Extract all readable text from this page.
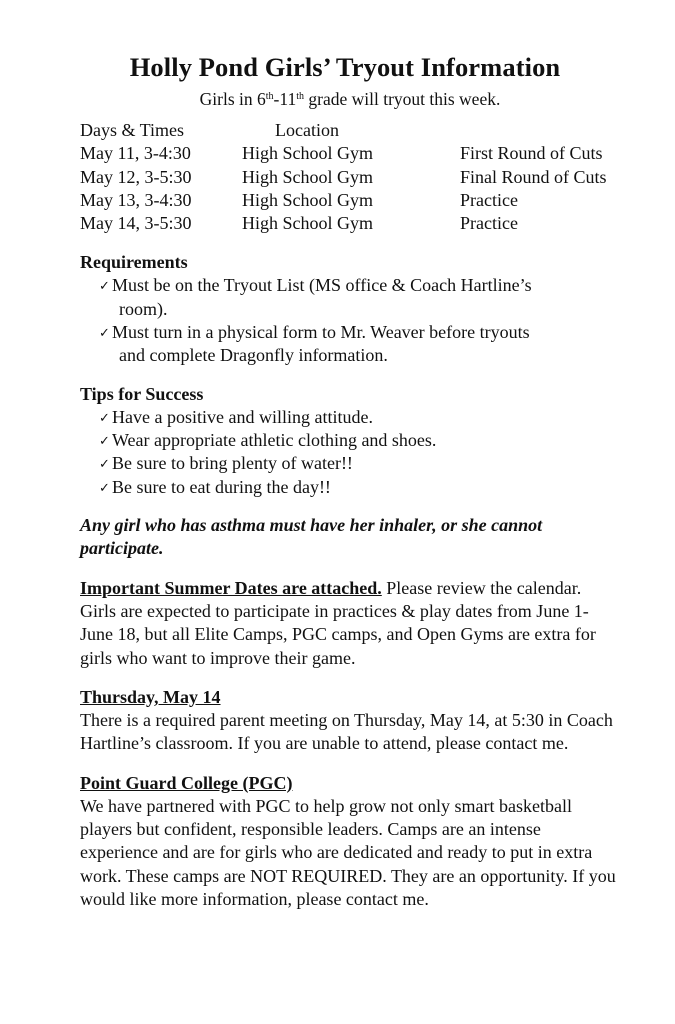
Holly Pond Girls’ Tryout Information
Girls in 6th-11th grade will tryout this week.
Days & Times	Location	
May 11, 3-4:30	High School Gym	First Round of Cuts
May 12, 3-5:30	High School Gym	Final Round of Cuts
May 13, 3-4:30	High School Gym	Practice
May 14, 3-5:30	High School Gym	Practice
Requirements
✓ Must be on the Tryout List (MS office & Coach Hartline’s
room).
✓ Must turn in a physical form to Mr. Weaver before tryouts
and complete Dragonfly information.
Tips for Success
✓ Have a positive and willing attitude.
✓ Wear appropriate athletic clothing and shoes.
✓ Be sure to bring plenty of water!!
✓ Be sure to eat during the day!!
Any girl who has asthma must have her inhaler, or she cannot participate.
Important Summer Dates are attached. Please review the calendar. Girls are expected to participate in practices & play dates from June 1-June 18, but all Elite Camps, PGC camps, and Open Gyms are extra for girls who want to improve their game.
Thursday, May 14
There is a required parent meeting on Thursday, May 14, at 5:30 in Coach Hartline’s classroom. If you are unable to attend, please contact me.
Point Guard College (PGC)
We have partnered with PGC to help grow not only smart basketball players but confident, responsible leaders. Camps are an intense experience and are for girls who are dedicated and ready to put in extra work. These camps are NOT REQUIRED. They are an opportunity. If you would like more information, please contact me.
